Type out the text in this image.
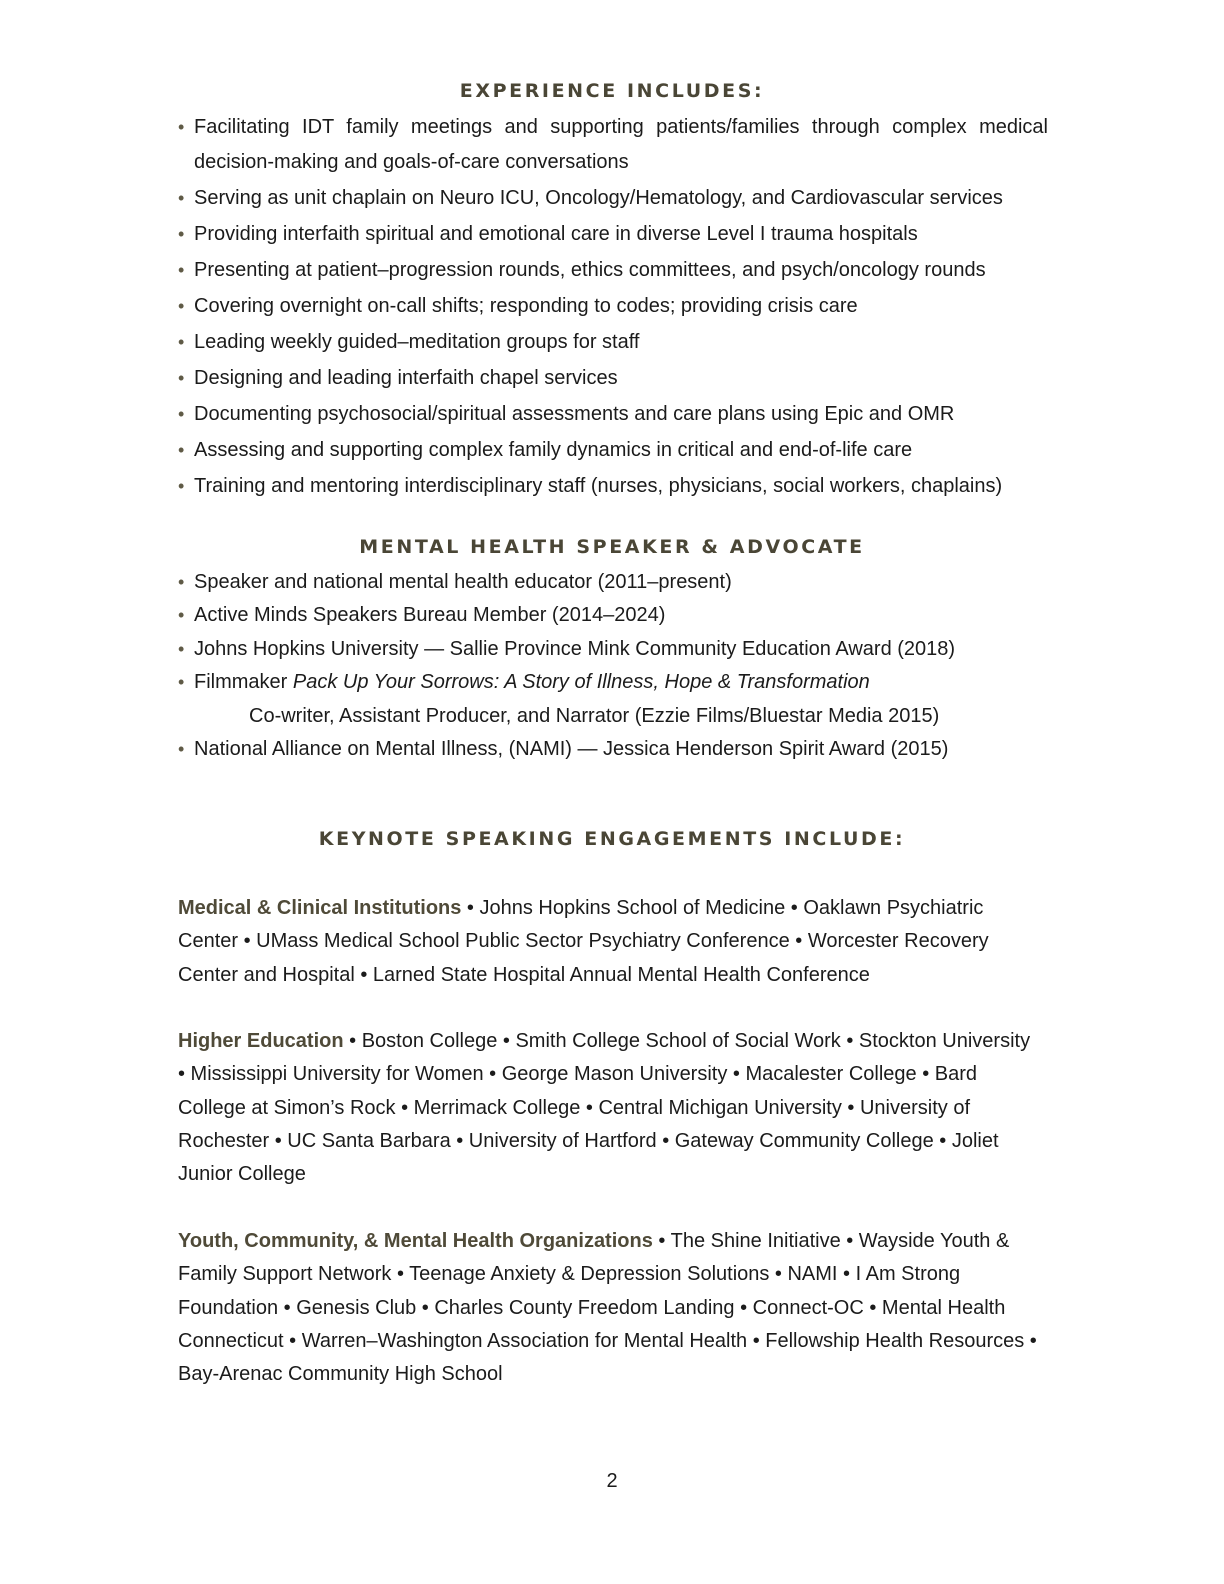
EXPERIENCE INCLUDES:
• Facilitating IDT family meetings and supporting patients/families through complex medical decision-making and goals-of-care conversations
• Serving as unit chaplain on Neuro ICU, Oncology/Hematology, and Cardiovascular services
• Providing interfaith spiritual and emotional care in diverse Level I trauma hospitals
• Presenting at patient–progression rounds, ethics committees, and psych/oncology rounds
• Covering overnight on-call shifts; responding to codes; providing crisis care
• Leading weekly guided–meditation groups for staff
• Designing and leading interfaith chapel services
• Documenting psychosocial/spiritual assessments and care plans using Epic and OMR
• Assessing and supporting complex family dynamics in critical and end-of-life care
• Training and mentoring interdisciplinary staff (nurses, physicians, social workers, chaplains)
MENTAL HEALTH SPEAKER & ADVOCATE
• Speaker and national mental health educator (2011–present)
• Active Minds Speakers Bureau Member (2014–2024)
• Johns Hopkins University — Sallie Province Mink Community Education Award (2018)
• Filmmaker Pack Up Your Sorrows: A Story of Illness, Hope & Transformation
Co-writer, Assistant Producer, and Narrator (Ezzie Films/Bluestar Media 2015)
• National Alliance on Mental Illness, (NAMI) — Jessica Henderson Spirit Award (2015)
KEYNOTE SPEAKING ENGAGEMENTS INCLUDE:

Medical & Clinical Institutions • Johns Hopkins School of Medicine • Oaklawn Psychiatric Center • UMass Medical School Public Sector Psychiatry Conference • Worcester Recovery Center and Hospital • Larned State Hospital Annual Mental Health Conference

Higher Education • Boston College • Smith College School of Social Work • Stockton University • Mississippi University for Women • George Mason University • Macalester College • Bard College at Simon’s Rock • Merrimack College • Central Michigan University • University of Rochester • UC Santa Barbara • University of Hartford • Gateway Community College • Joliet Junior College

Youth, Community, & Mental Health Organizations • The Shine Initiative • Wayside Youth & Family Support Network • Teenage Anxiety & Depression Solutions • NAMI • I Am Strong Foundation • Genesis Club • Charles County Freedom Landing • Connect-OC • Mental Health Connecticut • Warren–Washington Association for Mental Health • Fellowship Health Resources • Bay-Arenac Community High School

2
